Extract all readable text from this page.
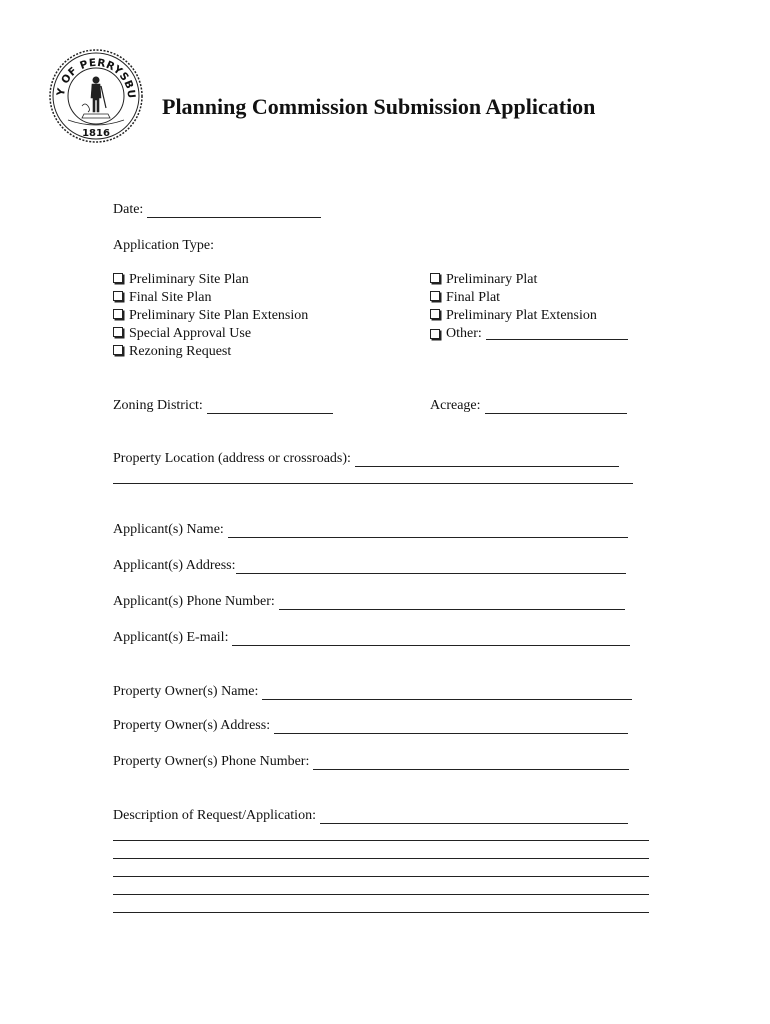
Y OF PERRYSBU
1816
Planning Commission Submission Application
Date:
Application Type:
Preliminary Site Plan
Final Site Plan
Preliminary Site Plan Extension
Special Approval Use
Rezoning Request
Preliminary Plat
Final Plat
Preliminary Plat Extension
Other:
Zoning District:	Acreage:
Property Location (address or crossroads):
Applicant(s) Name:
Applicant(s) Address:
Applicant(s) Phone Number:
Applicant(s) E-mail:
Property Owner(s) Name:
Property Owner(s) Address:
Property Owner(s) Phone Number:
Description of Request/Application:
